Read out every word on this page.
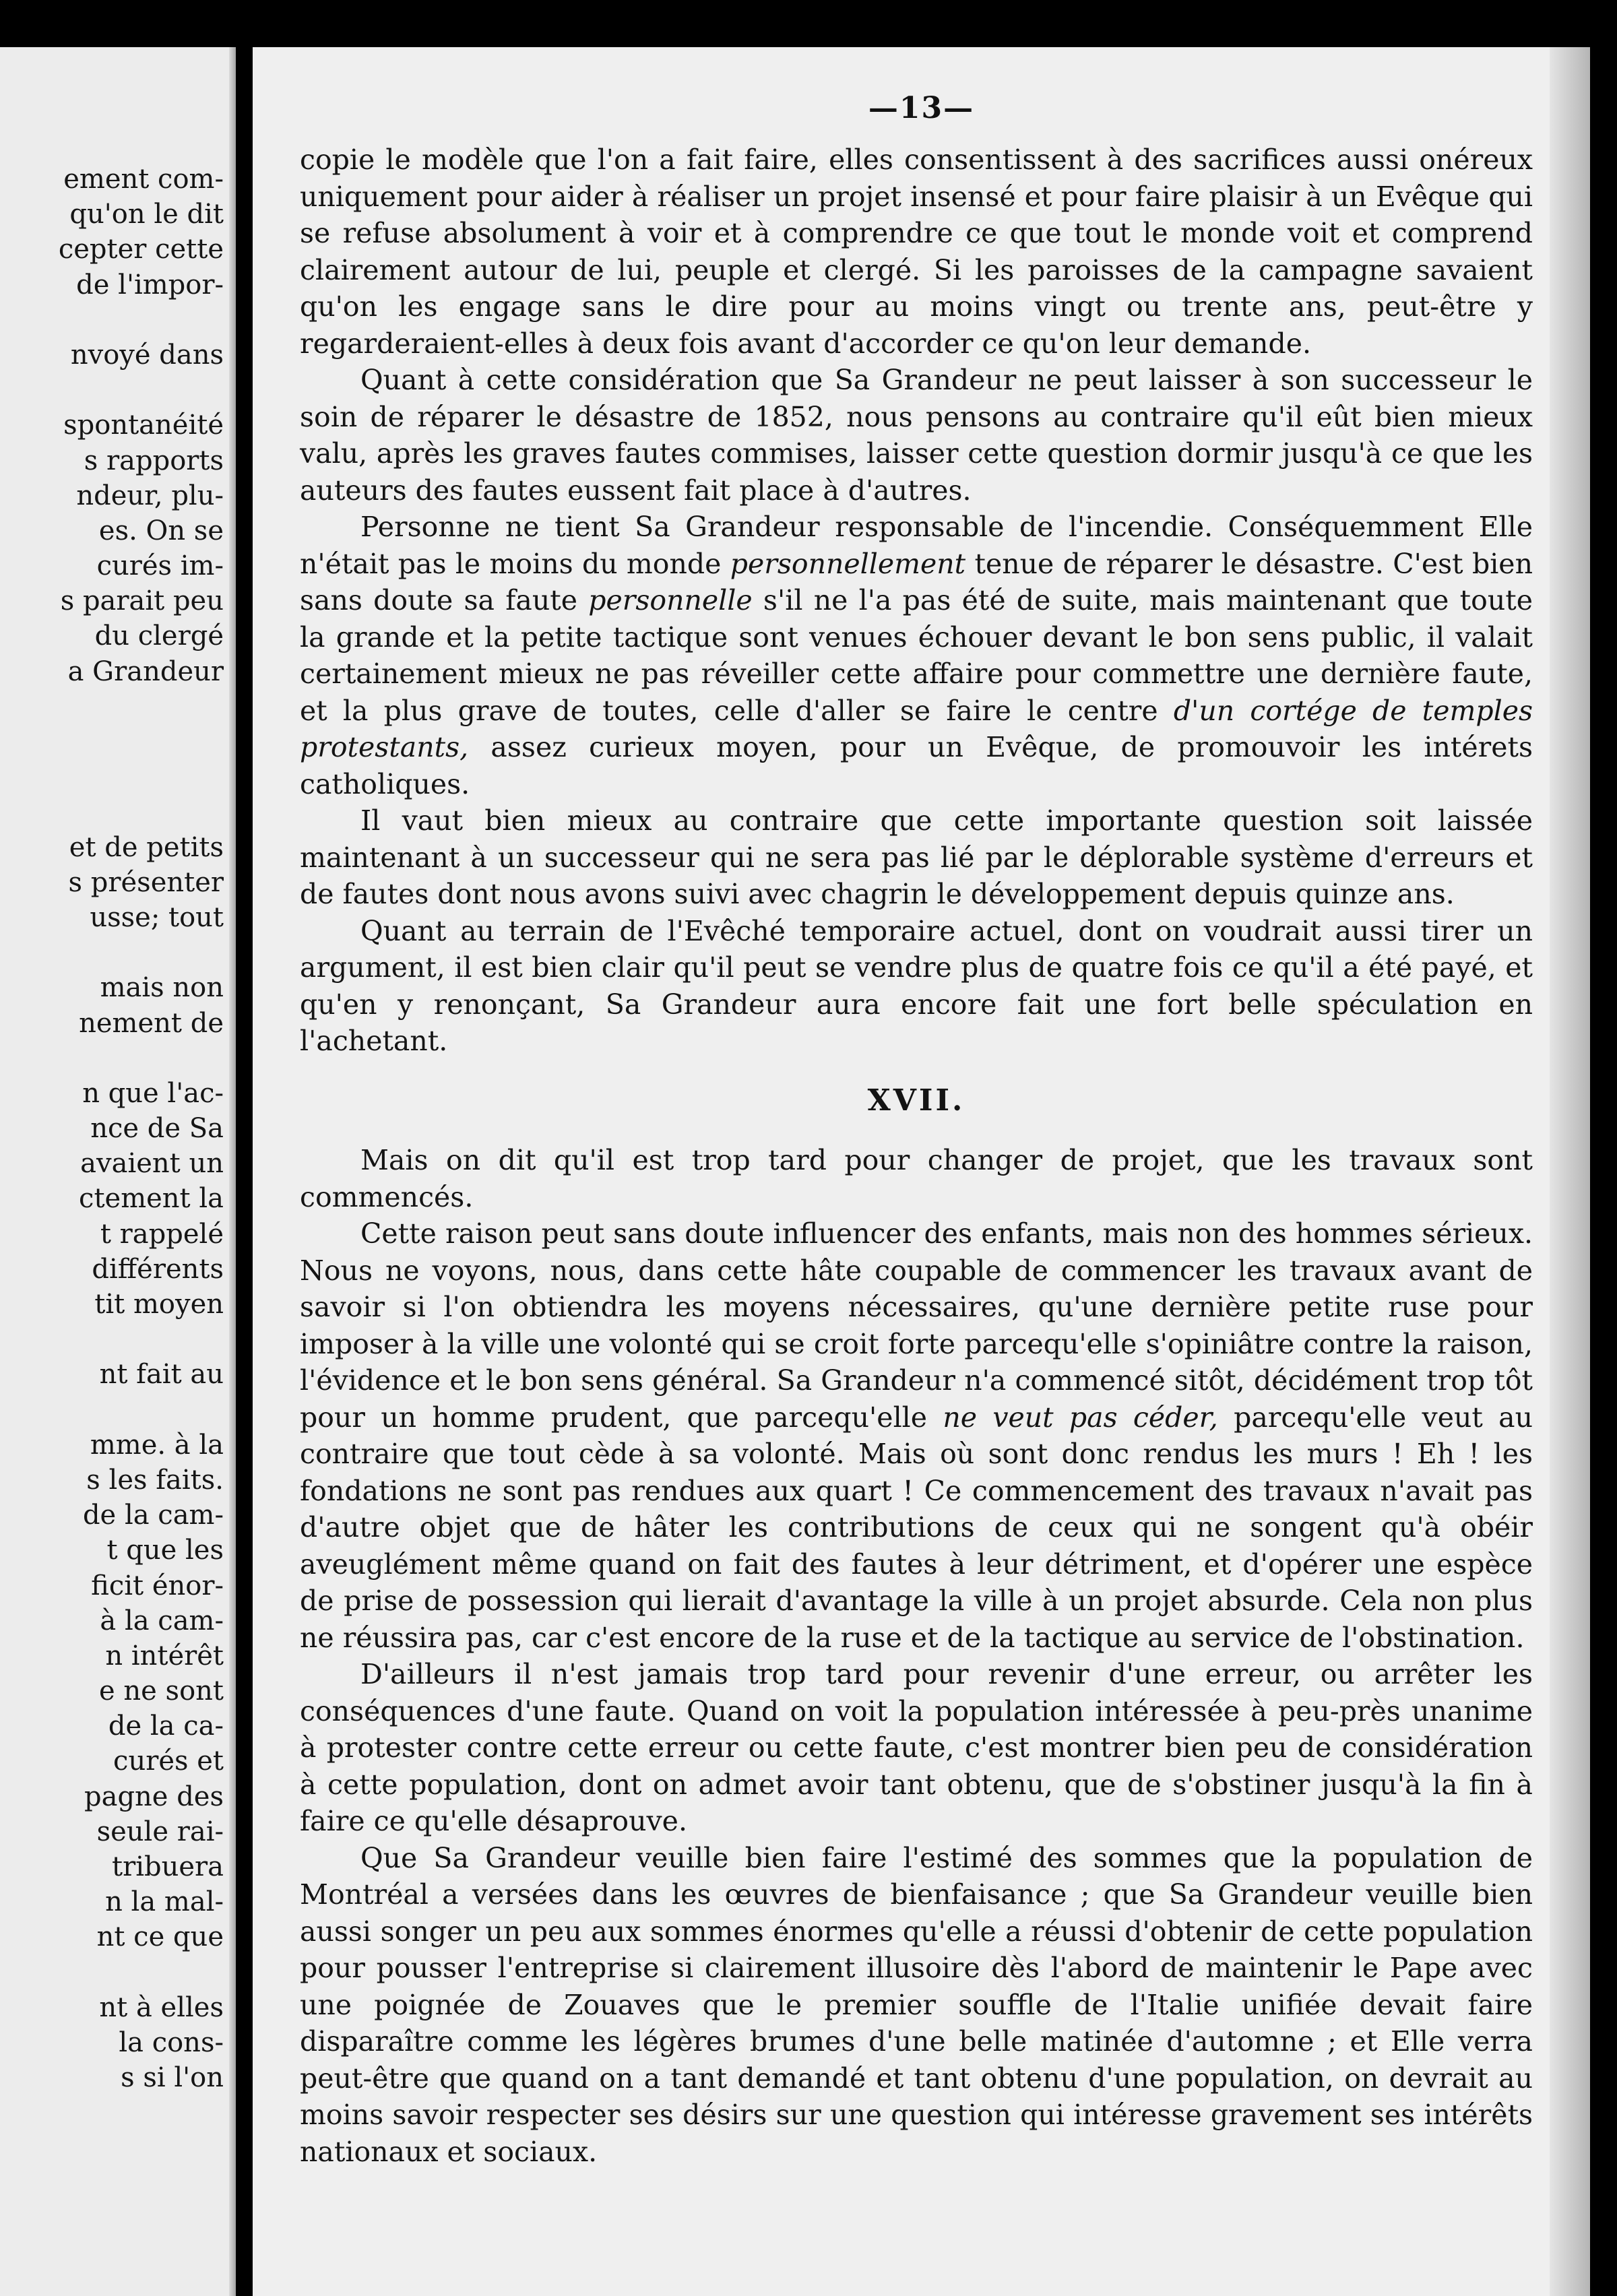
ement com-
qu'on le dit
cepter cette
de l'impor-
nvoyé dans
spontanéité
s rapports
ndeur, plu-
es. On se
curés im-
s parait peu
du clergé
a Grandeur
et de petits
s présenter
usse; tout
mais non
nement de
n que l'ac-
nce de Sa
avaient un
ctement la
t rappelé
différents
tit moyen
nt fait au
mme. à la
s les faits.
de la cam-
t que les
ficit énor-
à la cam-
n intérêt
e ne sont
de la ca-
curés et
pagne des
seule rai-
tribuera
n la mal-
nt ce que
nt à elles
la cons-
s si l'on

—13—

copie le modèle que l'on a fait faire, elles consentissent à des sacrifices aussi onéreux uniquement pour aider à réaliser un projet insensé et pour faire plaisir à un Evêque qui se refuse absolument à voir et à comprendre ce que tout le monde voit et comprend clairement autour de lui, peuple et clergé. Si les paroisses de la campagne savaient qu'on les engage sans le dire pour au moins vingt ou trente ans, peut-être y regarderaient-elles à deux fois avant d'accorder ce qu'on leur demande.

Quant à cette considération que Sa Grandeur ne peut laisser à son successeur le soin de réparer le désastre de 1852, nous pensons au contraire qu'il eût bien mieux valu, après les graves fautes commises, laisser cette question dormir jusqu'à ce que les auteurs des fautes eussent fait place à d'autres.

Personne ne tient Sa Grandeur responsable de l'incendie. Conséquemment Elle n'était pas le moins du monde personnellement tenue de réparer le désastre. C'est bien sans doute sa faute personnelle s'il ne l'a pas été de suite, mais maintenant que toute la grande et la petite tactique sont venues échouer devant le bon sens public, il valait certainement mieux ne pas réveiller cette affaire pour commettre une dernière faute, et la plus grave de toutes, celle d'aller se faire le centre d'un cortége de temples protestants, assez curieux moyen, pour un Evêque, de promouvoir les intérets catholiques.

Il vaut bien mieux au contraire que cette importante question soit laissée maintenant à un successeur qui ne sera pas lié par le déplorable système d'erreurs et de fautes dont nous avons suivi avec chagrin le développement depuis quinze ans.

Quant au terrain de l'Evêché temporaire actuel, dont on voudrait aussi tirer un argument, il est bien clair qu'il peut se vendre plus de quatre fois ce qu'il a été payé, et qu'en y renonçant, Sa Grandeur aura encore fait une fort belle spéculation en l'achetant.

XVII.

Mais on dit qu'il est trop tard pour changer de projet, que les travaux sont commencés.

Cette raison peut sans doute influencer des enfants, mais non des hommes sérieux. Nous ne voyons, nous, dans cette hâte coupable de commencer les travaux avant de savoir si l'on obtiendra les moyens nécessaires, qu'une dernière petite ruse pour imposer à la ville une volonté qui se croit forte parcequ'elle s'opiniâtre contre la raison, l'évidence et le bon sens général. Sa Grandeur n'a commencé sitôt, décidément trop tôt pour un homme prudent, que parcequ'elle ne veut pas céder, parcequ'elle veut au contraire que tout cède à sa volonté. Mais où sont donc rendus les murs ! Eh ! les fondations ne sont pas rendues aux quart ! Ce commencement des travaux n'avait pas d'autre objet que de hâter les contributions de ceux qui ne songent qu'à obéir aveuglément même quand on fait des fautes à leur détriment, et d'opérer une espèce de prise de possession qui lierait d'avantage la ville à un projet absurde. Cela non plus ne réussira pas, car c'est encore de la ruse et de la tactique au service de l'obstination.

D'ailleurs il n'est jamais trop tard pour revenir d'une erreur, ou arrêter les conséquences d'une faute. Quand on voit la population intéressée à peu-près unanime à protester contre cette erreur ou cette faute, c'est montrer bien peu de considération à cette population, dont on admet avoir tant obtenu, que de s'obstiner jusqu'à la fin à faire ce qu'elle désaprouve.

Que Sa Grandeur veuille bien faire l'estimé des sommes que la population de Montréal a versées dans les œuvres de bienfaisance ; que Sa Grandeur veuille bien aussi songer un peu aux sommes énormes qu'elle a réussi d'obtenir de cette population pour pousser l'entreprise si clairement illusoire dès l'abord de maintenir le Pape avec une poignée de Zouaves que le premier souffle de l'Italie unifiée devait faire disparaître comme les légères brumes d'une belle matinée d'automne ; et Elle verra peut-être que quand on a tant demandé et tant obtenu d'une population, on devrait au moins savoir respecter ses désirs sur une question qui intéresse gravement ses intérêts nationaux et sociaux.
